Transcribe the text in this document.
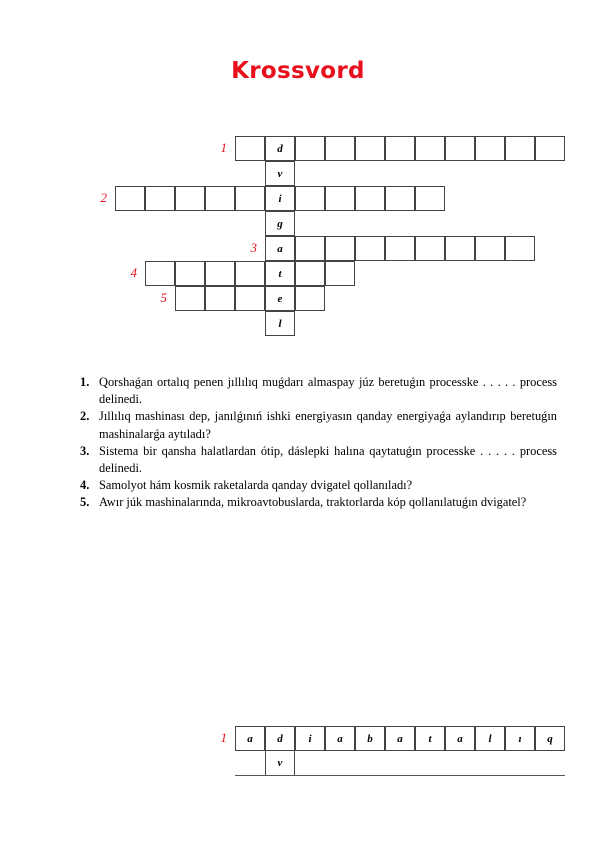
Krossvord
d
1
v
i
2
g
a
3
t
4
e
5
l
1. Qorshaǵan ortalıq penen jıllılıq muǵdarı almaspay júz beretuǵın processke . . . . . process delinedi.
2. Jıllılıq mashinası dep, janılǵınıń ishki energiyasın qanday energiyaǵa aylandırıp beretuǵın mashinalarǵa aytıladı?
3. Sistema bir qansha halatlardan ótip, dáslepki halına qaytatuǵın processke . . . . . process delinedi.
4. Samolyot hám kosmik raketalarda qanday dvigatel qollanıladı?
5. Awır júk mashinalarında, mikroavtobuslarda, traktorlarda kóp qollanılatuǵın dvigatel?
1	a	d	i	a	b	a	t	a	l	ı	q
v
